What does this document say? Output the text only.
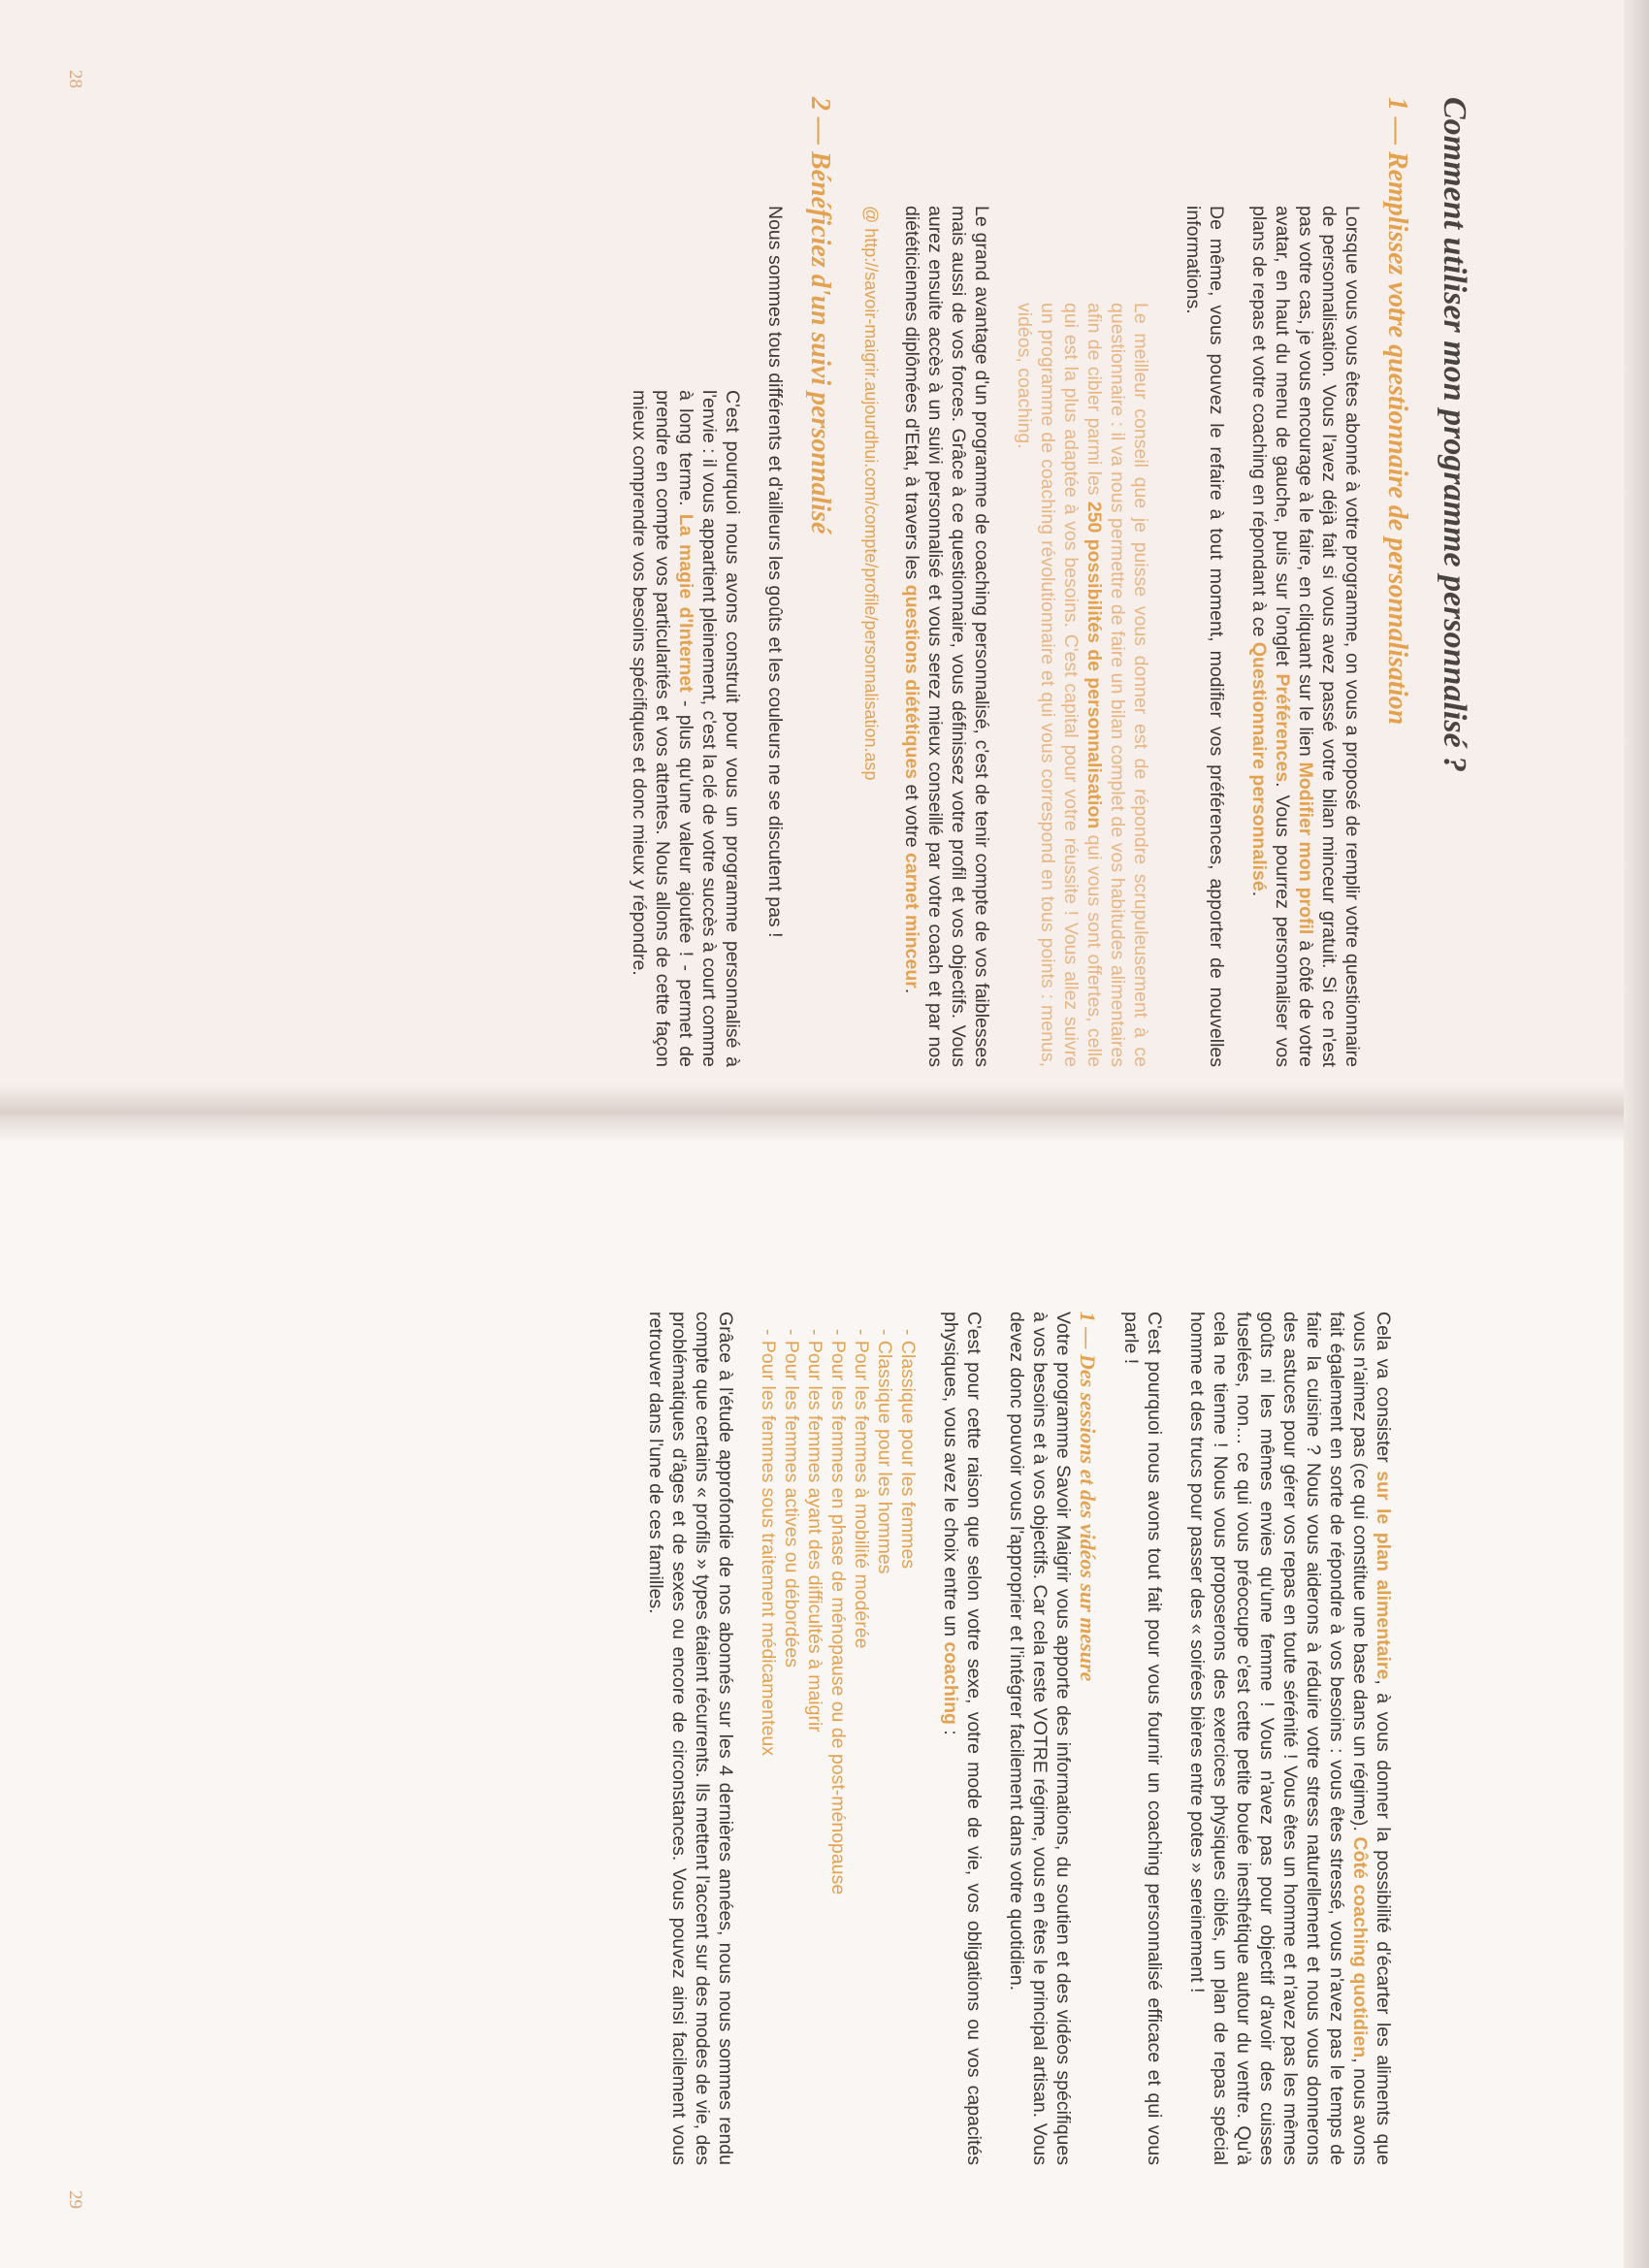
28
29
Comment utiliser mon programme personnalisé ?
1 — Remplissez votre questionnaire de personnalisation

Lorsque vous vous êtes abonné à votre programme, on vous a proposé de remplir votre questionnaire de personnalisation. Vous l'avez déjà fait si vous avez passé votre bilan minceur gratuit. Si ce n'est pas votre cas, je vous encourage à le faire, en cliquant sur le lien Modifier mon profil à côté de votre avatar, en haut du menu de gauche, puis sur l'onglet Préférences. Vous pourrez personnaliser vos plans de repas et votre coaching en répondant à ce Questionnaire personnalisé.

De même, vous pouvez le refaire à tout moment, modifier vos préférences, apporter de nouvelles informations.

Le meilleur conseil que je puisse vous donner est de répondre scrupuleusement à ce questionnaire : il va nous permettre de faire un bilan complet de vos habitudes alimentaires afin de cibler parmi les 250 possibilités de personnalisation qui vous sont offertes, celle qui est la plus adaptée à vos besoins. C'est capital pour votre réussite ! Vous allez suivre un programme de coaching révolutionnaire et qui vous correspond en tous points : menus, vidéos, coaching.

Le grand avantage d'un programme de coaching personnalisé, c'est de tenir compte de vos faiblesses mais aussi de vos forces. Grâce à ce questionnaire, vous définissez votre profil et vos objectifs. Vous aurez ensuite accès à un suivi personnalisé et vous serez mieux conseillé par votre coach et par nos diététiciennes diplômées d'Etat, à travers les questions diététiques et votre carnet minceur.

@ http://savoir-maigrir.aujourdhui.com/compte/profile/personnalisation.asp
2 — Bénéficiez d'un suivi personnalisé

Nous sommes tous différents et d'ailleurs les goûts et les couleurs ne se discutent pas !

C'est pourquoi nous avons construit pour vous un programme personnalisé à l'envie : il vous appartient pleinement, c'est la clé de votre succès à court comme à long terme. La magie d'Internet - plus qu'une valeur ajoutée ! - permet de prendre en compte vos particularités et vos attentes. Nous allons de cette façon mieux comprendre vos besoins spécifiques et donc mieux y répondre.

Cela va consister sur le plan alimentaire, à vous donner la possibilité d'écarter les aliments que vous n'aimez pas (ce qui constitue une base dans un régime). Côté coaching quotidien, nous avons fait également en sorte de répondre à vos besoins : vous êtes stressé, vous n'avez pas le temps de faire la cuisine ? Nous vous aiderons à réduire votre stress naturellement et nous vous donnerons des astuces pour gérer vos repas en toute sérénité ! Vous êtes un homme et n'avez pas les mêmes goûts ni les mêmes envies qu'une femme ! Vous n'avez pas pour objectif d'avoir des cuisses fuselées, non… ce qui vous préoccupe c'est cette petite bouée inesthétique autour du ventre. Qu'à cela ne tienne ! Nous vous proposerons des exercices physiques ciblés, un plan de repas spécial homme et des trucs pour passer des « soirées bières entre potes » sereinement !

C'est pourquoi nous avons tout fait pour vous fournir un coaching personnalisé efficace et qui vous parle !

1 — Des sessions et des vidéos sur mesure

Votre programme Savoir Maigrir vous apporte des informations, du soutien et des vidéos spécifiques à vos besoins et à vos objectifs. Car cela reste VOTRE régime, vous en êtes le principal artisan. Vous devez donc pouvoir vous l'approprier et l'intégrer facilement dans votre quotidien.

C'est pour cette raison que selon votre sexe, votre mode de vie, vos obligations ou vos capacités physiques, vous avez le choix entre un coaching :

- Classique pour les femmes
- Classique pour les hommes
- Pour les femmes à mobilité modérée
- Pour les femmes en phase de ménopause ou de post-ménopause
- Pour les femmes ayant des difficultés à maigrir
- Pour les femmes actives ou débordées
- Pour les femmes sous traitement médicamenteux

Grâce à l'étude approfondie de nos abonnés sur les 4 dernières années, nous nous sommes rendu compte que certains « profils » types étaient récurrents. Ils mettent l'accent sur des modes de vie, des problématiques d'âges et de sexes ou encore de circonstances. Vous pouvez ainsi facilement vous retrouver dans l'une de ces familles.
